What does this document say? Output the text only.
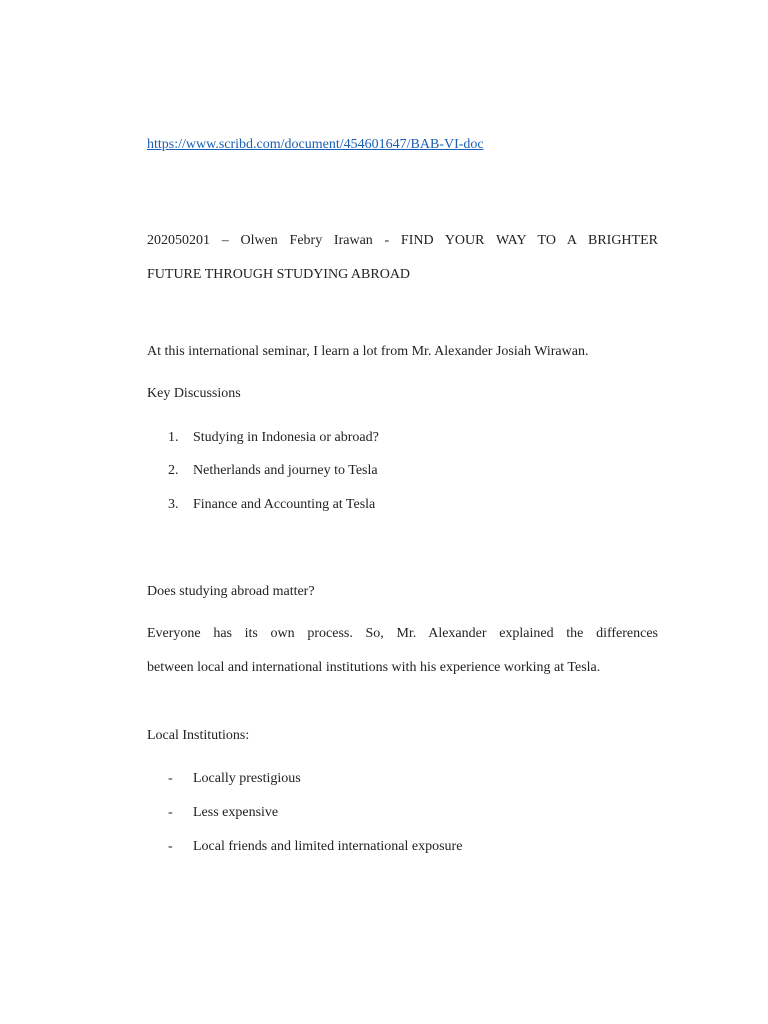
https://www.scribd.com/document/454601647/BAB-VI-doc
202050201 – Olwen Febry Irawan - FIND YOUR WAY TO A BRIGHTER
FUTURE THROUGH STUDYING ABROAD
At this international seminar, I learn a lot from Mr. Alexander Josiah Wirawan.
Key Discussions
1.	Studying in Indonesia or abroad?
2.	Netherlands and journey to Tesla
3.	Finance and Accounting at Tesla
Does studying abroad matter?
Everyone has its own process. So, Mr. Alexander explained the differences
between local and international institutions with his experience working at Tesla.
Local Institutions:
-	Locally prestigious
-	Less expensive
-	Local friends and limited international exposure
